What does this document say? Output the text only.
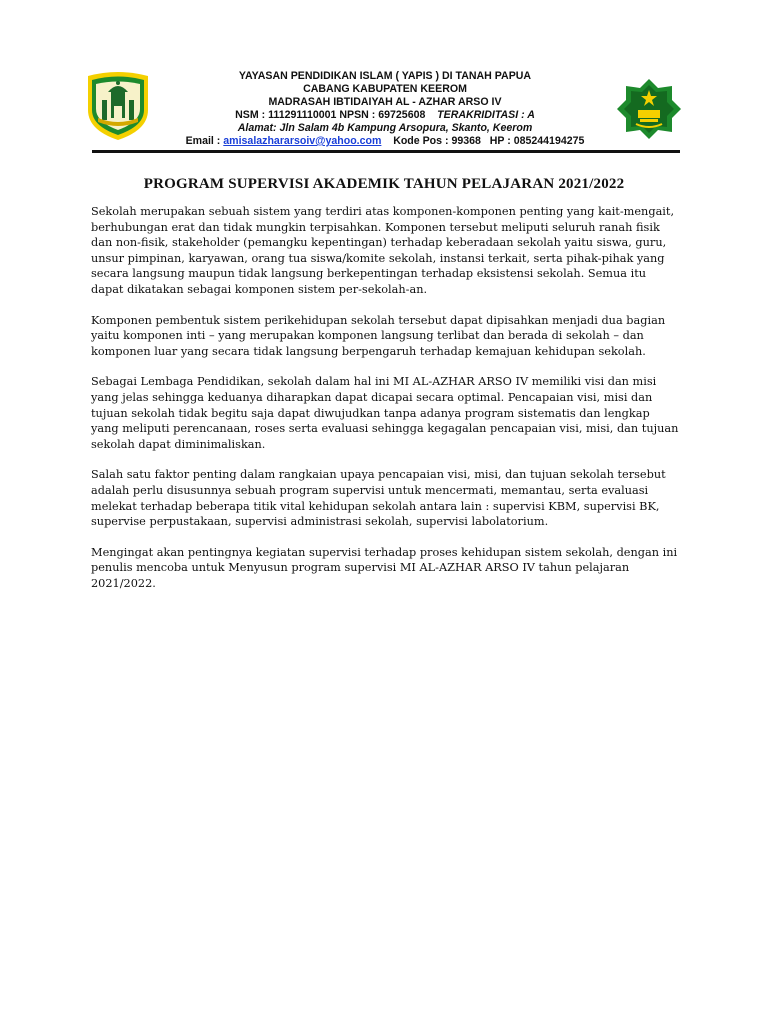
YAYASAN PENDIDIKAN ISLAM ( YAPIS ) DI TANAH PAPUA
CABANG KABUPATEN KEEROM
MADRASAH IBTIDAIYAH AL - AZHAR ARSO IV
NSM : 111291110001 NPSN : 69725608 TERAKRIDITASI : A
Alamat: Jln Salam 4b Kampung Arsopura, Skanto, Keerom
Email : amisalazhararsoiv@yahoo.com Kode Pos : 99368 HP : 085244194275
PROGRAM SUPERVISI AKADEMIK TAHUN PELAJARAN 2021/2022

Sekolah merupakan sebuah sistem yang terdiri atas komponen-komponen penting yang kait-mengait, berhubungan erat dan tidak mungkin terpisahkan. Komponen tersebut meliputi seluruh ranah fisik dan non-fisik, stakeholder (pemangku kepentingan) terhadap keberadaan sekolah yaitu siswa, guru, unsur pimpinan, karyawan, orang tua siswa/komite sekolah, instansi terkait, serta pihak-pihak yang secara langsung maupun tidak langsung berkepentingan terhadap eksistensi sekolah. Semua itu dapat dikatakan sebagai komponen sistem per-sekolah-an.

Komponen pembentuk sistem perikehidupan sekolah tersebut dapat dipisahkan menjadi dua bagian yaitu komponen inti – yang merupakan komponen langsung terlibat dan berada di sekolah – dan komponen luar yang secara tidak langsung berpengaruh terhadap kemajuan kehidupan sekolah.

Sebagai Lembaga Pendidikan, sekolah dalam hal ini MI AL-AZHAR ARSO IV memiliki visi dan misi yang jelas sehingga keduanya diharapkan dapat dicapai secara optimal. Pencapaian visi, misi dan tujuan sekolah tidak begitu saja dapat diwujudkan tanpa adanya program sistematis dan lengkap yang meliputi perencanaan, roses serta evaluasi sehingga kegagalan pencapaian visi, misi, dan tujuan sekolah dapat diminimaliskan.

Salah satu faktor penting dalam rangkaian upaya pencapaian visi, misi, dan tujuan sekolah tersebut adalah perlu disusunnya sebuah program supervisi untuk mencermati, memantau, serta evaluasi melekat terhadap beberapa titik vital kehidupan sekolah antara lain : supervisi KBM, supervisi BK, supervise perpustakaan, supervisi administrasi sekolah, supervisi labolatorium.

Mengingat akan pentingnya kegiatan supervisi terhadap proses kehidupan sistem sekolah, dengan ini penulis mencoba untuk Menyusun program supervisi MI AL-AZHAR ARSO IV tahun pelajaran 2021/2022.
